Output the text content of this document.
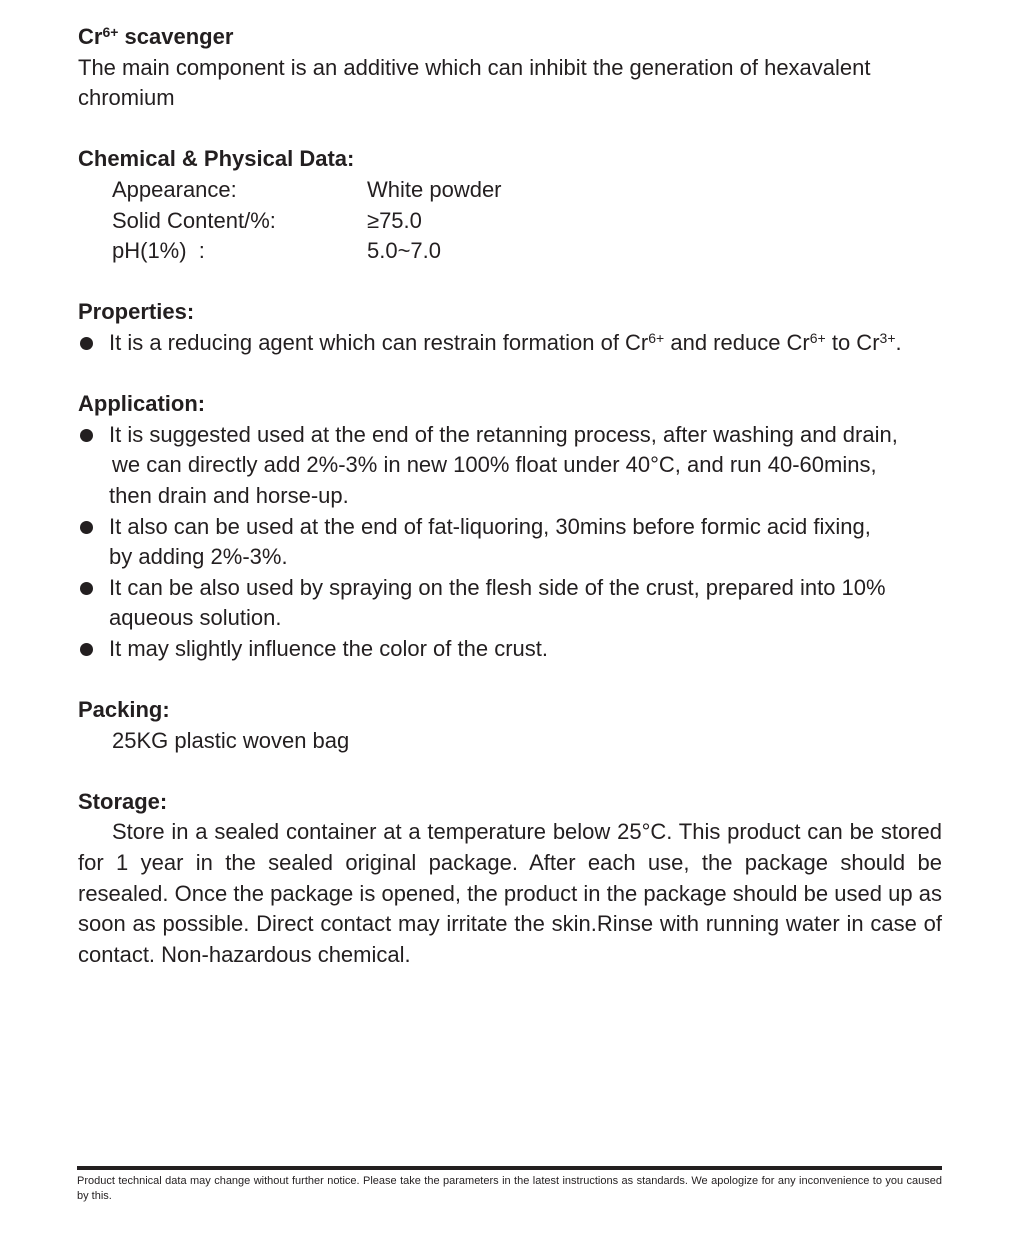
$Cr^{6+}$ scavenger
The main component is an additive which can inhibit the generation of hexavalent
chromium
Chemical & Physical Data:
Appearance:	White powder
Solid Content/%:	≥75.0
pH(1%)  :	5.0~7.0
Properties:
It is a reducing agent which can restrain formation of $Cr^{6+}$ and reduce $Cr^{6+}$ to $Cr^{3+}$.
Application:
It is suggested used at the end of the retanning process, after washing and drain,
we can directly add 2%-3% in new 100% float under 40°C, and run 40-60mins,
then drain and horse-up.
It also can be used at the end of fat-liquoring, 30mins before formic acid fixing,
by adding 2%-3%.
It can be also used by spraying on the flesh side of the crust, prepared into 10%
aqueous solution.
It may slightly influence the color of the crust.
Packing:
25KG plastic woven bag
Storage:
Store in a sealed container at a temperature below 25°C. This product can be stored for 1 year in the sealed original package. After each use, the package should be resealed. Once the package is opened, the product in the package should be used up as soon as possible. Direct contact may irritate the skin.Rinse with running water in case of contact. Non-hazardous chemical.
Product technical data may change without further notice. Please take the parameters in the latest instructions as standards. We apologize for any inconvenience to you caused by this.
